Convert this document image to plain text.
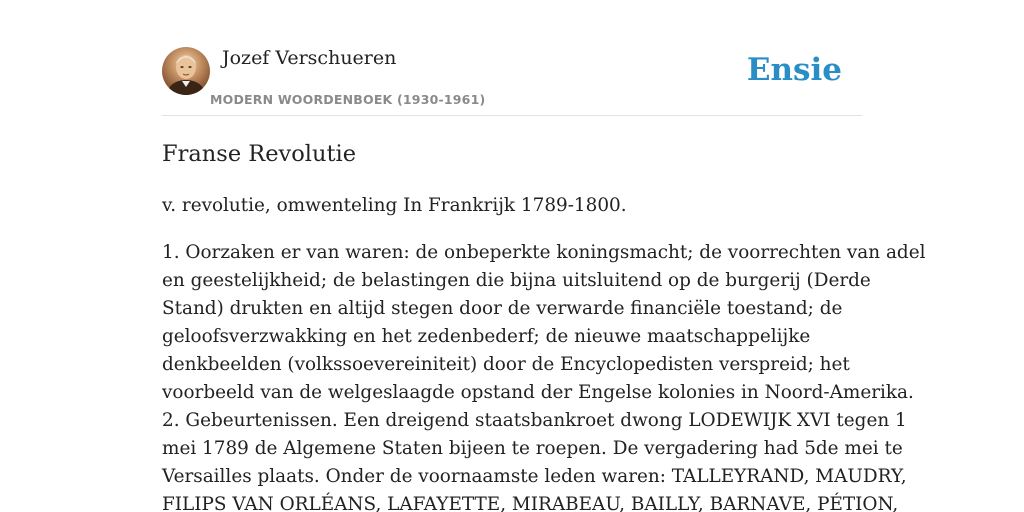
Jozef Verschueren
MODERN WOORDENBOEK (1930-1961)
Ensie
Franse Revolutie

v. revolutie, omwenteling In Frankrijk 1789-1800.

1. Oorzaken er van waren: de onbeperkte koningsmacht; de voorrechten van adel

en geestelijkheid; de belastingen die bijna uitsluitend op de burgerij (Derde

Stand) drukten en altijd stegen door de verwarde financiële toestand; de

geloofsverzwakking en het zedenbederf; de nieuwe maatschappelijke

denkbeelden (volkssoevereiniteit) door de Encyclopedisten verspreid; het

voorbeeld van de welgeslaagde opstand der Engelse kolonies in Noord-Amerika.

2. Gebeurtenissen. Een dreigend staatsbankroet dwong LODEWIJK XVI tegen 1

mei 1789 de Algemene Staten bijeen te roepen. De vergadering had 5de mei te

Versailles plaats. Onder de voornaamste leden waren: TALLEYRAND, MAUDRY,

FILIPS VAN ORLÉANS, LAFAYETTE, MIRABEAU, BAILLY, BARNAVE, PÉTION,
